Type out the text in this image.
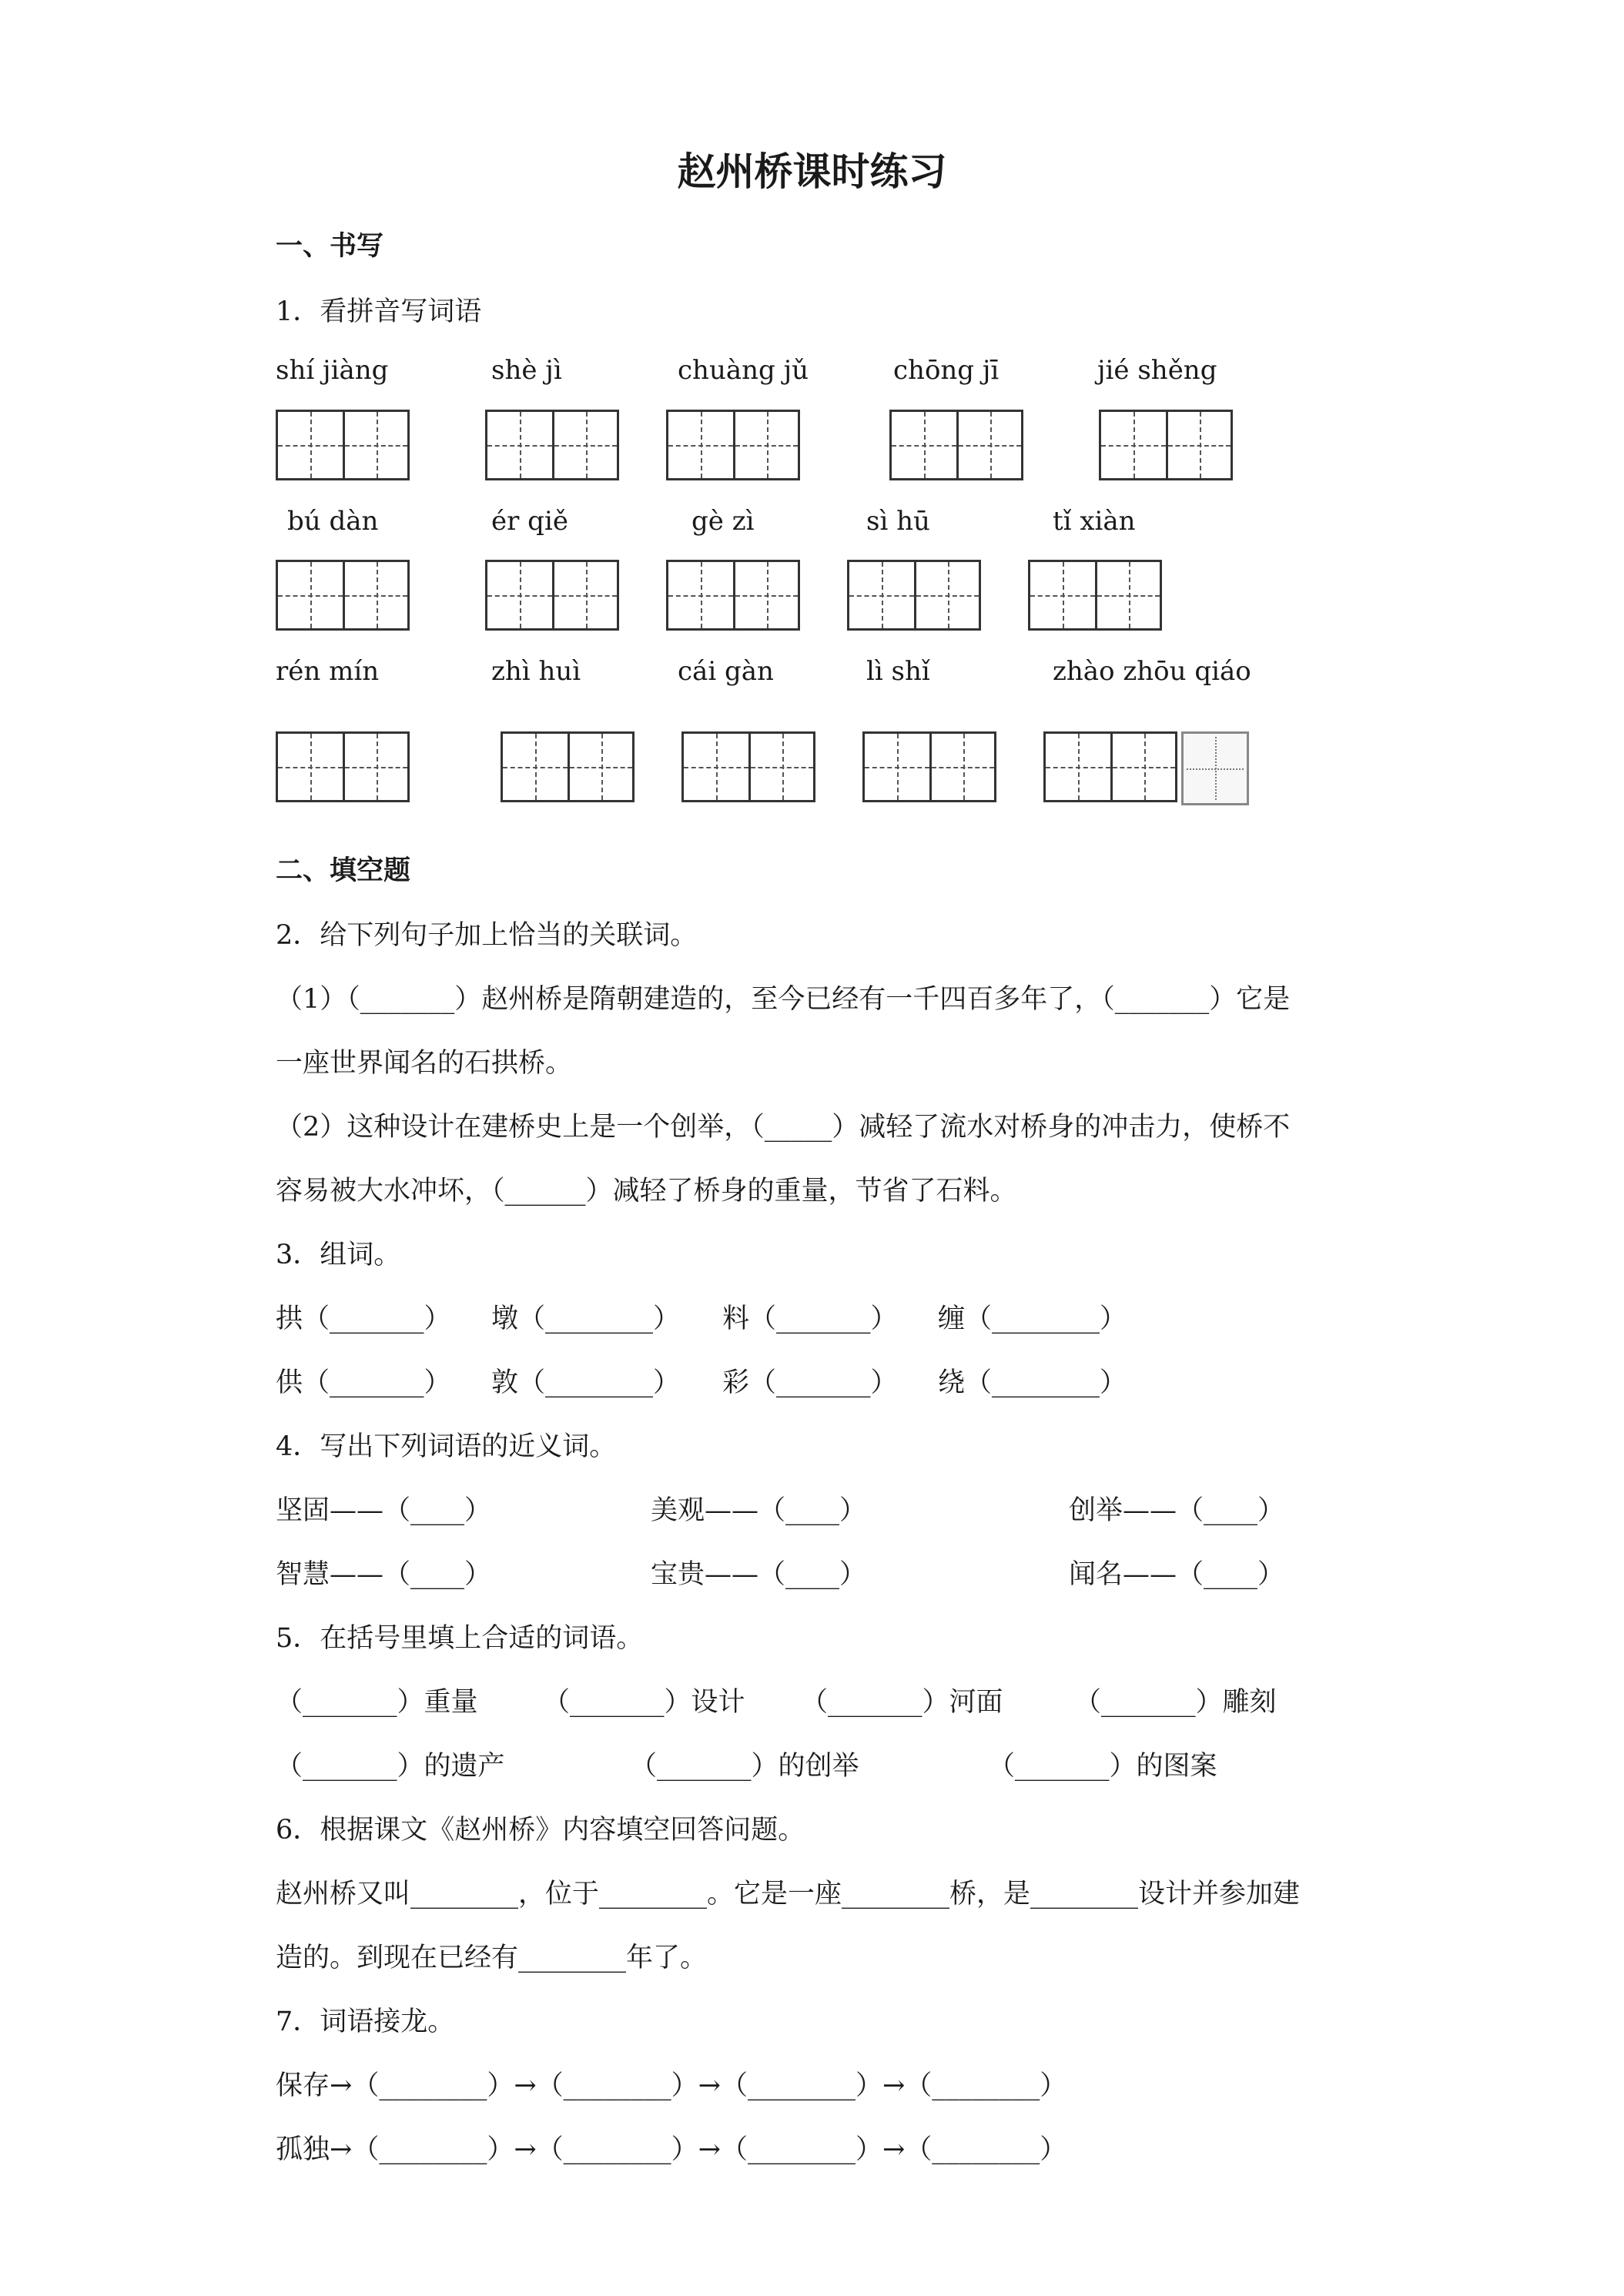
赵州桥课时练习
一、书写
1．看拼音写词语
shí jiàng	shè jì	chuàng jǔ	chōng jī	jié shěng
bú dàn	ér qiě	gè zì	sì hū	tǐ xiàn
rén mín	zhì huì	cái gàn	lì shǐ	zhào zhōu qiáo
二、填空题
2．给下列句子加上恰当的关联词。
（1）（_______）赵州桥是隋朝建造的，至今已经有一千四百多年了，（_______）它是
一座世界闻名的石拱桥。
（2）这种设计在建桥史上是一个创举，（_____）减轻了流水对桥身的冲击力，使桥不
容易被大水冲坏，（______）减轻了桥身的重量，节省了石料。
3．组词。
拱（_______） 墩（________） 料（_______） 缠（________）
供（_______） 敦（________） 彩（_______） 绕（________）
4．写出下列词语的近义词。
坚固——（____）	美观——（____）	创举——（____）
智慧——（____）	宝贵——（____）	闻名——（____）
5．在括号里填上合适的词语。
（_______）重量 （_______）设计 （_______）河面	（_______）雕刻
（_______）的遗产	（_______）的创举	（_______）的图案
6．根据课文《赵州桥》内容填空回答问题。
赵州桥又叫________，位于________。它是一座________桥，是________设计并参加建
造的。到现在已经有________年了。
7．词语接龙。
保存→（________）→（________）→（________）→（________）
孤独→（________）→（________）→（________）→（________）
